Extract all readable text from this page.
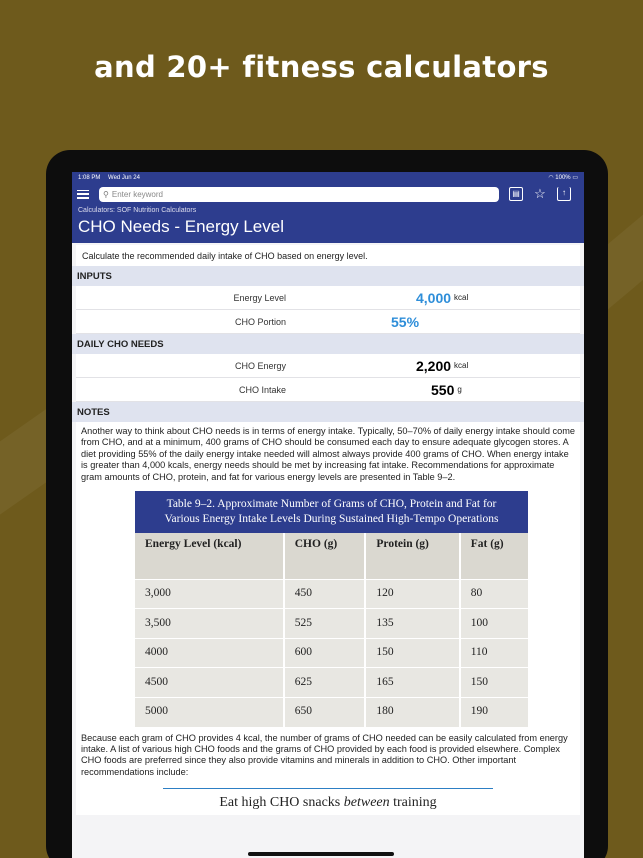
and 20+ fitness calculators
1:08 PM Wed Jun 24	◠ 100% ▭
⚲ Enter keyword	▤ ☆	↑
Calculators: SOF Nutrition Calculators
CHO Needs - Energy Level
Calculate the recommended daily intake of CHO based on energy level.
INPUTS
Energy Level	4,000 kcal
CHO Portion	55%
DAILY CHO NEEDS
CHO Energy	2,200 kcal
CHO Intake	550 g
NOTES

Another way to think about CHO needs is in terms of energy intake. Typically, 50–70% of daily energy intake should come from CHO, and at a minimum, 400 grams of CHO should be consumed each day to ensure adequate glycogen stores. A diet providing 55% of the daily energy intake needed will almost always provide 400 grams of CHO. When energy intake is greater than 4,000 kcals, energy needs should be met by increasing fat intake. Recommendations for approximate gram amounts of CHO, protein, and fat for various energy levels are presented in Table 9–2.

Table 9–2. Approximate Number of Grams of CHO, Protein and Fat for
Various Energy Intake Levels During Sustained High-Tempo Operations
Energy Level (kcal)	CHO (g)	Protein (g)	Fat (g)
3,000	450	120	80
3,500	525	135	100
4000	600	150	110
4500	625	165	150
5000	650	180	190

Because each gram of CHO provides 4 kcal, the number of grams of CHO needed can be easily calculated from energy intake. A list of various high CHO foods and the grams of CHO provided by each food is provided elsewhere. Complex CHO foods are preferred since they also provide vitamins and minerals in addition to CHO. Other important recommendations include:

Eat high CHO snacks between training
